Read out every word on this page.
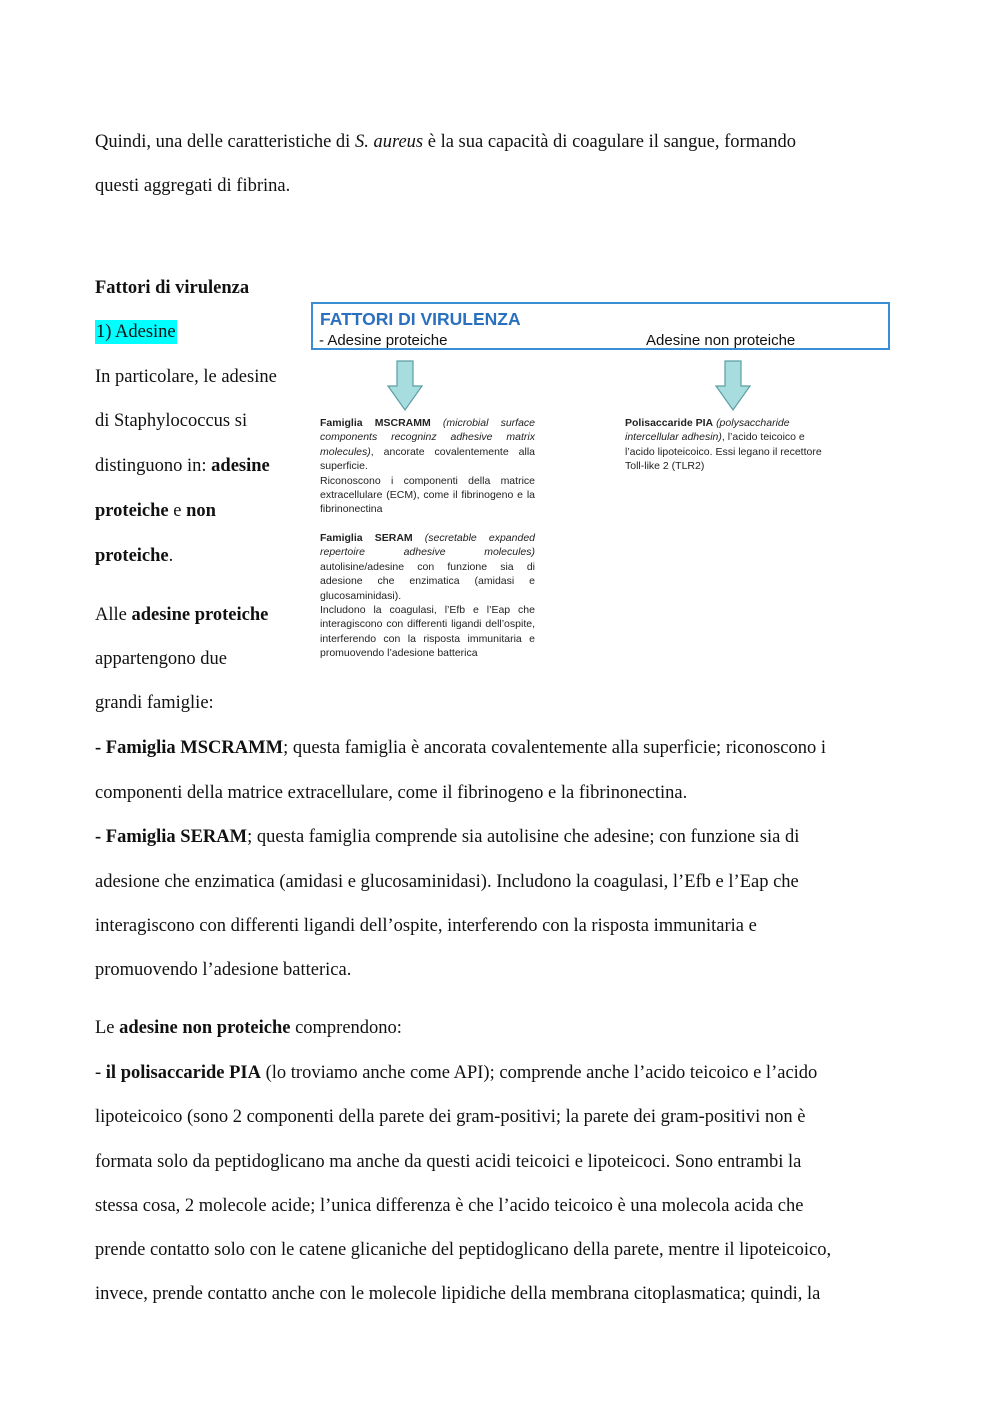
Quindi, una delle caratteristiche di S. aureus è la sua capacità di coagulare il sangue, formando
questi aggregati di fibrina.
Fattori di virulenza
1) Adesine
In particolare, le adesine
di Staphylococcus si
distinguono in: adesine
proteiche e non
proteiche.
Alle adesine proteiche
appartengono due
grandi famiglie:
FATTORI DI VIRULENZA
- Adesine proteiche	Adesine non proteiche

Famiglia MSCRAMM (microbial surface components recogninz adhesive matrix molecules), ancorate covalentemente alla superficie.

Riconoscono i componenti della matrice extracellulare (ECM), come il fibrinogeno e la fibrinonectina

Famiglia SERAM (secretable expanded repertoire adhesive molecules) autolisine/adesine con funzione sia di adesione che enzimatica (amidasi e glucosaminidasi).

Includono la coagulasi, l’Efb e l’Eap che interagiscono con differenti ligandi dell’ospite, interferendo con la risposta immunitaria e promuovendo l’adesione batterica

Polisaccaride PIA (polysaccharide intercellular adhesin), l’acido teicoico e l’acido lipoteicoico. Essi legano il recettore Toll-like 2 (TLR2)

- Famiglia MSCRAMM; questa famiglia è ancorata covalentemente alla superficie; riconoscono i
componenti della matrice extracellulare, come il fibrinogeno e la fibrinonectina.
- Famiglia SERAM; questa famiglia comprende sia autolisine che adesine; con funzione sia di
adesione che enzimatica (amidasi e glucosaminidasi). Includono la coagulasi, l’Efb e l’Eap che
interagiscono con differenti ligandi dell’ospite, interferendo con la risposta immunitaria e
promuovendo l’adesione batterica.
Le adesine non proteiche comprendono:
- il polisaccaride PIA (lo troviamo anche come API); comprende anche l’acido teicoico e l’acido
lipoteicoico (sono 2 componenti della parete dei gram-positivi; la parete dei gram-positivi non è
formata solo da peptidoglicano ma anche da questi acidi teicoici e lipoteicoci. Sono entrambi la
stessa cosa, 2 molecole acide; l’unica differenza è che l’acido teicoico è una molecola acida che
prende contatto solo con le catene glicaniche del peptidoglicano della parete, mentre il lipoteicoico,
invece, prende contatto anche con le molecole lipidiche della membrana citoplasmatica; quindi, la
